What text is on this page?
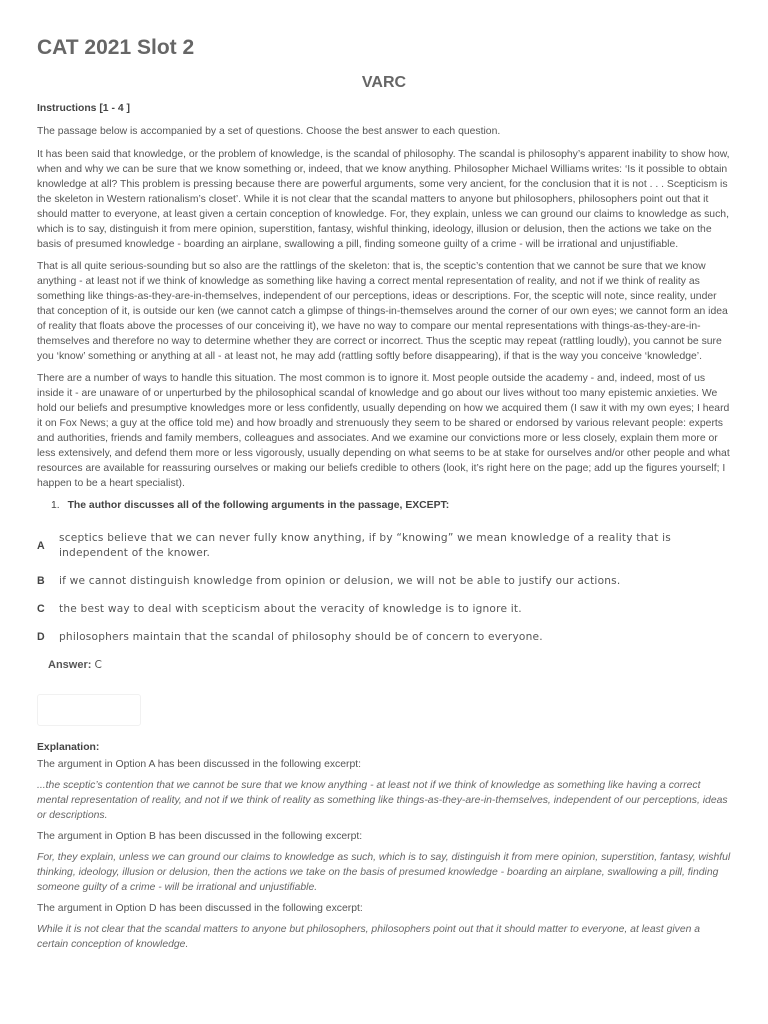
CAT 2021 Slot 2
VARC

Instructions [1 - 4 ]

The passage below is accompanied by a set of questions. Choose the best answer to each question.

It has been said that knowledge, or the problem of knowledge, is the scandal of philosophy. The scandal is philosophy’s apparent inability to show how, when and why we can be sure that we know something or, indeed, that we know anything. Philosopher Michael Williams writes: ‘Is it possible to obtain knowledge at all? This problem is pressing because there are powerful arguments, some very ancient, for the conclusion that it is not . . . Scepticism is the skeleton in Western rationalism’s closet’. While it is not clear that the scandal matters to anyone but philosophers, philosophers point out that it should matter to everyone, at least given a certain conception of knowledge. For, they explain, unless we can ground our claims to knowledge as such, which is to say, distinguish it from mere opinion, superstition, fantasy, wishful thinking, ideology, illusion or delusion, then the actions we take on the basis of presumed knowledge - boarding an airplane, swallowing a pill, finding someone guilty of a crime - will be irrational and unjustifiable.

That is all quite serious-sounding but so also are the rattlings of the skeleton: that is, the sceptic’s contention that we cannot be sure that we know anything - at least not if we think of knowledge as something like having a correct mental representation of reality, and not if we think of reality as something like things-as-they-are-in-themselves, independent of our perceptions, ideas or descriptions. For, the sceptic will note, since reality, under that conception of it, is outside our ken (we cannot catch a glimpse of things-in-themselves around the corner of our own eyes; we cannot form an idea of reality that floats above the processes of our conceiving it), we have no way to compare our mental representations with things-as-they-are-in-themselves and therefore no way to determine whether they are correct or incorrect. Thus the sceptic may repeat (rattling loudly), you cannot be sure you ‘know’ something or anything at all - at least not, he may add (rattling softly before disappearing), if that is the way you conceive ‘knowledge’.

There are a number of ways to handle this situation. The most common is to ignore it. Most people outside the academy - and, indeed, most of us inside it - are unaware of or unperturbed by the philosophical scandal of knowledge and go about our lives without too many epistemic anxieties. We hold our beliefs and presumptive knowledges more or less confidently, usually depending on how we acquired them (I saw it with my own eyes; I heard it on Fox News; a guy at the office told me) and how broadly and strenuously they seem to be shared or endorsed by various relevant people: experts and authorities, friends and family members, colleagues and associates. And we examine our convictions more or less closely, explain them more or less extensively, and defend them more or less vigorously, usually depending on what seems to be at stake for ourselves and/or other people and what resources are available for reassuring ourselves or making our beliefs credible to others (look, it’s right here on the page; add up the figures yourself; I happen to be a heart specialist).

1. The author discusses all of the following arguments in the passage, EXCEPT:
A
sceptics believe that we can never fully know anything, if by “knowing” we mean knowledge of a reality that is independent of the knower.
B	if we cannot distinguish knowledge from opinion or delusion, we will not be able to justify our actions.
C	the best way to deal with scepticism about the veracity of knowledge is to ignore it.
D	philosophers maintain that the scandal of philosophy should be of concern to everyone.
Answer: C

Explanation:

The argument in Option A has been discussed in the following excerpt:

...the sceptic’s contention that we cannot be sure that we know anything - at least not if we think of knowledge as something like having a correct mental representation of reality, and not if we think of reality as something like things-as-they-are-in-themselves, independent of our perceptions, ideas or descriptions.

The argument in Option B has been discussed in the following excerpt:

For, they explain, unless we can ground our claims to knowledge as such, which is to say, distinguish it from mere opinion, superstition, fantasy, wishful thinking, ideology, illusion or delusion, then the actions we take on the basis of presumed knowledge - boarding an airplane, swallowing a pill, finding someone guilty of a crime - will be irrational and unjustifiable.

The argument in Option D has been discussed in the following excerpt:

While it is not clear that the scandal matters to anyone but philosophers, philosophers point out that it should matter to everyone, at least given a certain conception of knowledge.
